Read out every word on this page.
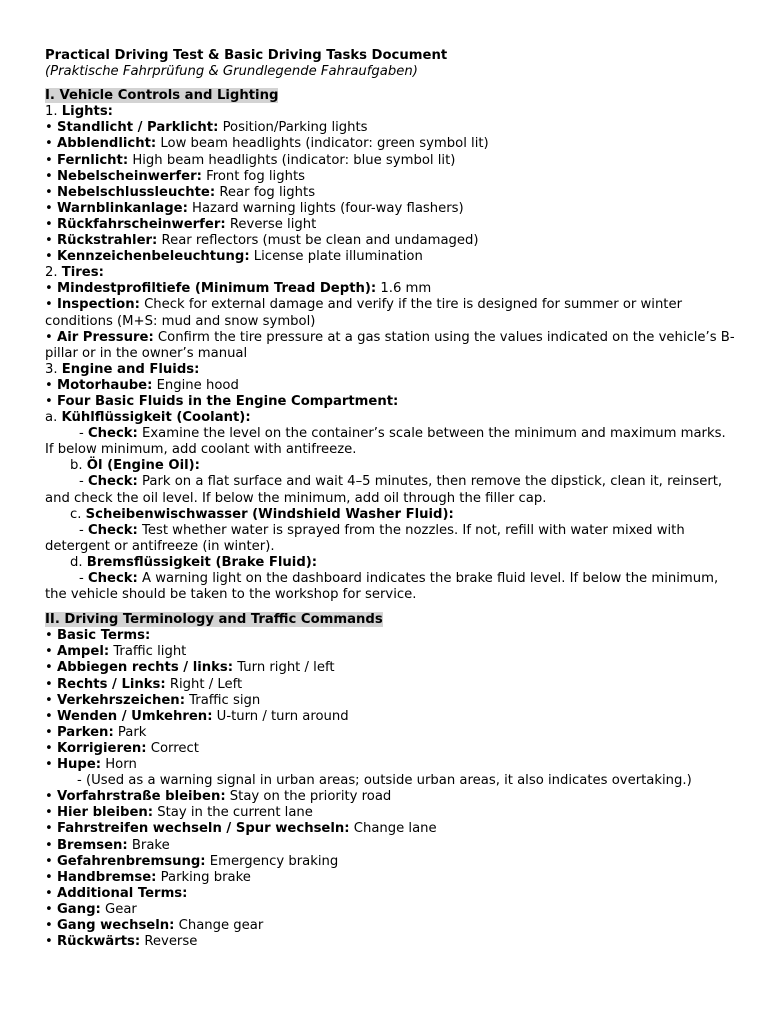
Practical Driving Test & Basic Driving Tasks Document
(Praktische Fahrprüfung & Grundlegende Fahraufgaben)
I. Vehicle Controls and Lighting
1. Lights:
• Standlicht / Parklicht: Position/Parking lights
• Abblendlicht: Low beam headlights (indicator: green symbol lit)
• Fernlicht: High beam headlights (indicator: blue symbol lit)
• Nebelscheinwerfer: Front fog lights
• Nebelschlussleuchte: Rear fog lights
• Warnblinkanlage: Hazard warning lights (four-way flashers)
• Rückfahrscheinwerfer: Reverse light
• Rückstrahler: Rear reflectors (must be clean and undamaged)
• Kennzeichenbeleuchtung: License plate illumination
2. Tires:
• Mindestprofiltiefe (Minimum Tread Depth): 1.6 mm
• Inspection: Check for external damage and verify if the tire is designed for summer or winter conditions (M+S: mud and snow symbol)
• Air Pressure: Confirm the tire pressure at a gas station using the values indicated on the vehicle’s B-pillar or in the owner’s manual
3. Engine and Fluids:
• Motorhaube: Engine hood
• Four Basic Fluids in the Engine Compartment:
a. Kühlflüssigkeit (Coolant):
- Check: Examine the level on the container’s scale between the minimum and maximum marks. If below minimum, add coolant with antifreeze.
b. Öl (Engine Oil):
- Check: Park on a flat surface and wait 4–5 minutes, then remove the dipstick, clean it, reinsert, and check the oil level. If below the minimum, add oil through the filler cap.
c. Scheibenwischwasser (Windshield Washer Fluid):
- Check: Test whether water is sprayed from the nozzles. If not, refill with water mixed with detergent or antifreeze (in winter).
d. Bremsflüssigkeit (Brake Fluid):
- Check: A warning light on the dashboard indicates the brake fluid level. If below the minimum, the vehicle should be taken to the workshop for service.
II. Driving Terminology and Traffic Commands
• Basic Terms:
• Ampel: Traffic light
• Abbiegen rechts / links: Turn right / left
• Rechts / Links: Right / Left
• Verkehrszeichen: Traffic sign
• Wenden / Umkehren: U-turn / turn around
• Parken: Park
• Korrigieren: Correct
• Hupe: Horn
- (Used as a warning signal in urban areas; outside urban areas, it also indicates overtaking.)
• Vorfahrstraße bleiben: Stay on the priority road
• Hier bleiben: Stay in the current lane
• Fahrstreifen wechseln / Spur wechseln: Change lane
• Bremsen: Brake
• Gefahrenbremsung: Emergency braking
• Handbremse: Parking brake
• Additional Terms:
• Gang: Gear
• Gang wechseln: Change gear
• Rückwärts: Reverse
